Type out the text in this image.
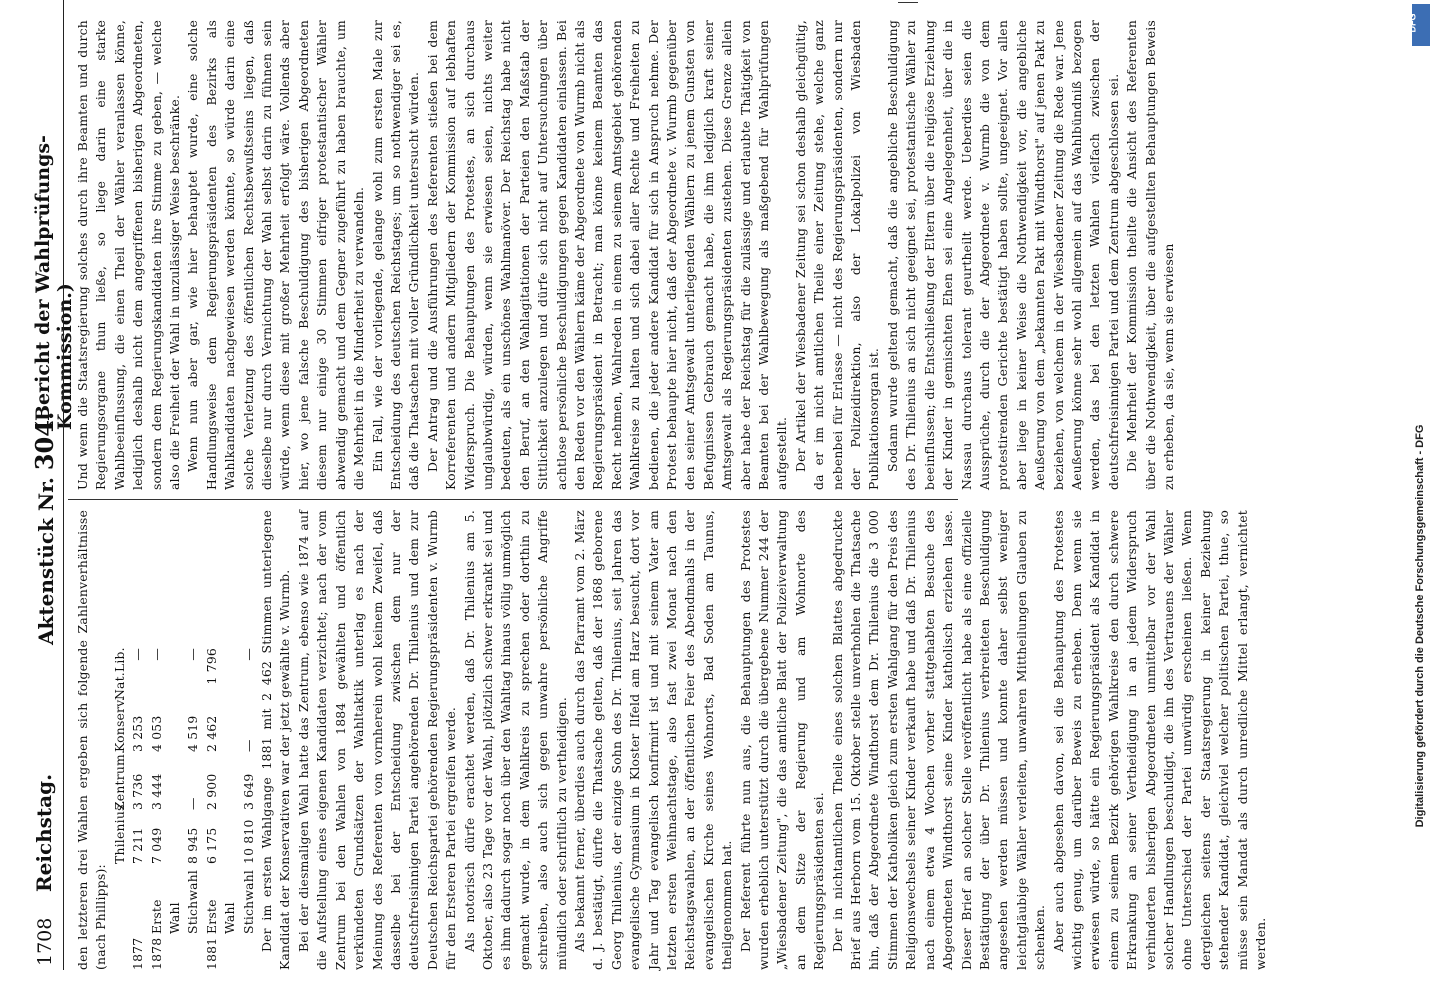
1708
Reichstag.
Aktenstück Nr. 304.
(Bericht der Wahlprüfungs-Kommission.)

den letzteren drei Wahlen ergeben sich folgende Zahlenverhältnisse (nach Phillipps):

Thilenius.
Zentrum.
Konserv.
Nat.Lib.
1877
7 211
3 736
3 253
—
1878
Erste Wahl
7 049
3 444
4 053
—
Stichwahl
8 945
—
4 519
—
1881
Erste Wahl
6 175
2 900
2 462
1 796
Stichwahl
10 810
3 649
—
— Der im ersten Wahlgange 1881 mit 2 462 Stimmen unterlegene Kandidat der Konservativen war der jetzt gewählte v. Wurmb. Bei der diesmaligen Wahl hatte das Zentrum, ebenso wie 1874 auf die Aufstellung eines eigenen Kandidaten verzichtet; nach der vom Zentrum bei den Wahlen von 1884 gewählten und öffentlich verkündeten Grundsätzen der Wahltaktik unterlag es nach der Meinung des Referenten von vornherein wohl keinem Zweifel, daß dasselbe bei der Entscheidung zwischen dem nur der deutschfreisinnigen Partei angehörenden Dr. Thilenius und dem zur Deutschen Reichspartei gehörenden Regierungspräsidenten v. Wurmb für den Ersteren Partei ergreifen werde. Als notorisch dürfe erachtet werden, daß Dr. Thilenius am 5. Oktober, also 23 Tage vor der Wahl, plötzlich schwer erkrankt sei und es ihm dadurch sogar noch über den Wahltag hinaus völlig unmöglich gemacht wurde, in dem Wahlkreis zu sprechen oder dorthin zu schreiben, also auch sich gegen unwahre persönliche Angriffe mündlich oder schriftlich zu vertheidigen. Als bekannt ferner, überdies auch durch das Pfarramt vom 2. März d. J. bestätigt, dürfte die Thatsache gelten, daß der 1868 geborene Georg Thilenius, der einzige Sohn des Dr. Thilenius, seit Jahren das evangelische Gymnasium in Kloster Ilfeld am Harz besucht, dort vor Jahr und Tag evangelisch konfirmirt ist und mit seinem Vater am letzten ersten Weihnachtstage, also fast zwei Monat nach den Reichstagswahlen, an der öffentlichen Feier des Abendmahls in der evangelischen Kirche seines Wohnorts, Bad Soden am Taunus, theilgenommen hat. Der Referent führte nun aus, die Behauptungen des Protestes wurden erheblich unterstützt durch die übergebene Nummer 244 der „Wiesbadener Zeitung", die das amtliche Blatt der Polizeiverwaltung an dem Sitze der Regierung und am Wohnorte des Regierungspräsidenten sei. Der in nichtamtlichen Theile eines solchen Blattes abgedruckte Brief aus Herborn vom 15. Oktober stelle unverhohlen die Thatsache hin, daß der Abgeordnete Windthorst dem Dr. Thilenius die 3 000 Stimmen der Katholiken gleich zum ersten Wahlgang für den Preis des Religionswechsels seiner Kinder verkauft habe und daß Dr. Thilenius nach einem etwa 4 Wochen vorher stattgehabten Besuche des Abgeordneten Windthorst seine Kinder katholisch erziehen lasse. Dieser Brief an solcher Stelle veröffentlicht habe als eine offizielle Bestätigung der über Dr. Thilenius verbreiteten Beschuldigung angesehen werden müssen und konnte daher selbst weniger leichtgläubige Wähler verleiten, unwahren Mittheilungen Glauben zu schenken. Aber auch abgesehen davon, sei die Behauptung des Protestes wichtig genug, um darüber Beweis zu erheben. Denn wenn sie erwiesen würde, so hätte ein Regierungspräsident als Kandidat in einem zu seinem Bezirk gehörigen Wahlkreise den durch schwere Erkrankung an seiner Vertheidigung in an jedem Widerspruch verhinderten bisherigen Abgeordneten unmittelbar vor der Wahl solcher Handlungen beschuldigt, die ihn des Vertrauens der Wähler ohne Unterschied der Partei unwürdig erscheinen ließen. Wenn dergleichen seitens der Staatsregierung in keiner Beziehung stehender Kandidat, gleichviel welcher politischen Partei, thue, so müsse sein Mandat als durch unredliche Mittel erlangt, vernichtet werden.

Und wenn die Staatsregierung solches durch ihre Beamten und durch Regierungsorgane thun ließe, so liege darin eine starke Wahlbeeinflussung, die einen Theil der Wähler veranlassen könne, lediglich deshalb nicht dem angegriffenen bisherigen Abgeordneten, sondern dem Regierungskandidaten ihre Stimme zu geben, — welche also die Freiheit der Wahl in unzulässiger Weise beschränke. Wenn nun aber gar, wie hier behauptet wurde, eine solche Handlungsweise dem Regierungspräsidenten des Bezirks als Wahlkandidaten nachgewiesen werden könnte, so würde darin eine solche Verletzung des öffentlichen Rechtsbewußtseins liegen, daß dieselbe nur durch Vernichtung der Wahl selbst darin zu fühnen sein würde, wenn diese mit großer Mehrheit erfolgt wäre. Vollends aber hier, wo jene falsche Beschuldigung des bisherigen Abgeordneten diesem nur einige 30 Stimmen eifriger protestantischer Wähler abwendig gemacht und dem Gegner zugeführt zu haben brauchte, um die Mehrheit in die Minderheit zu verwandeln. Ein Fall, wie der vorliegende, gelange wohl zum ersten Male zur Entscheidung des deutschen Reichstages; um so nothwendiger sei es, daß die Thatsachen mit voller Gründlichkeit untersucht würden. Der Antrag und die Ausführungen des Referenten stießen bei dem Korreferenten und andern Mitgliedern der Kommission auf lebhaften Widerspruch. Die Behauptungen des Protestes, an sich durchaus unglaubwürdig, würden, wenn sie erwiesen seien, nichts weiter bedeuten, als ein unschönes Wahlmanöver. Der Reichstag habe nicht den Beruf, an den Wahlagitationen der Parteien den Maßstab der Sittlichkeit anzulegen und dürfe sich nicht auf Untersuchungen über achtlose persönliche Beschuldigungen gegen Kandidaten einlassen. Bei den Reden vor den Wählern käme der Abgeordnete von Wurmb nicht als Regierungspräsident in Betracht; man könne keinem Beamten das Recht nehmen, Wahlreden in einem zu seinem Amtsgebiet gehörenden Wahlkreise zu halten und sich dabei aller Rechte und Freiheiten zu bedienen, die jeder andere Kandidat für sich in Anspruch nehme. Der Protest behaupte hier nicht, daß der Abgeordnete v. Wurmb gegenüber den seiner Amtsgewalt unterliegenden Wählern zu jenem Gunsten von Befugnissen Gebrauch gemacht habe, die ihm lediglich kraft seiner Amtsgewalt als Regierungspräsidenten zustehen. Diese Grenze allein aber habe der Reichstag für die zulässige und erlaubte Thätigkeit von Beamten bei der Wahlbewegung als maßgebend für Wahlprüfungen aufgestellt. Der Artikel der Wiesbadener Zeitung sei schon deshalb gleichgültig, da er im nicht amtlichen Theile einer Zeitung stehe, welche ganz nebenbei für Erlasse — nicht des Regierungspräsidenten, sondern nur der Polizeidirektion, also der Lokalpolizei von Wiesbaden Publikationsorgan ist. Sodann wurde geltend gemacht, daß die angebliche Beschuldigung des Dr. Thilenius an sich nicht geeignet sei, protestantische Wähler zu beeinflussen; die Entschließung der Eltern über die religiöse Erziehung der Kinder in gemischten Ehen sei eine Angelegenheit, über die in Nassau durchaus tolerant geurtheilt werde. Ueberdies seien die Aussprüche, durch die der Abgeordnete v. Wurmb die von dem protestirenden Gerichte bestätigt haben sollte, ungeeignet. Vor allen aber liege in keiner Weise die Nothwendigkeit vor, die angebliche Aeußerung von dem „bekannten Pakt mit Windthorst" auf jenen Pakt zu beziehen, von welchem in der Wiesbadener Zeitung die Rede war. Jene Aeußerung könne sehr wohl allgemein auf das Wahlbündniß bezogen werden, das bei den letzten Wahlen vielfach zwischen der deutschfreisinnigen Partei und dem Zentrum abgeschlossen sei. Die Mehrheit der Kommission theilte die Ansicht des Referenten über die Nothwendigkeit, über die aufgestellten Behauptungen Beweis zu erheben, da sie, wenn sie erwiesen

DFG
Digitalisierung gefördert durch die Deutsche Forschungsgemeinschaft - DFG
